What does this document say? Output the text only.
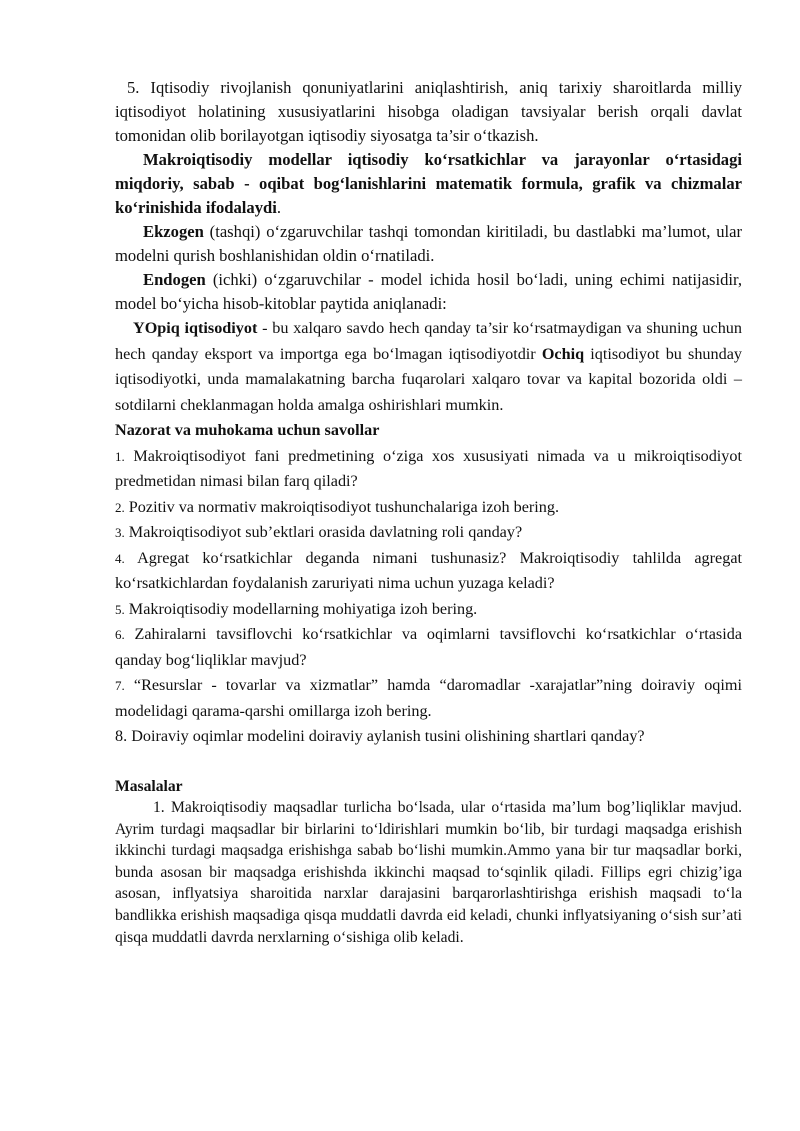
5. Iqtisodiy rivojlanish qonuniyatlarini aniqlashtirish, aniq tarixiy sharoitlarda milliy iqtisodiyot holatining xususiyatlarini hisobga oladigan tavsiyalar berish orqali davlat tomonidan olib borilayotgan iqtisodiy siyosatga ta’sir o‘tkazish.

Makroiqtisodiy modellar iqtisodiy ko‘rsatkichlar va jarayonlar o‘rtasidagi miqdoriy, sabab - oqibat bog‘lanishlarini matematik formula, grafik va chizmalar ko‘rinishida ifodalaydi.

Ekzogen (tashqi) o‘zgaruvchilar tashqi tomondan kiritiladi, bu dastlabki ma’lumot, ular modelni qurish boshlanishidan oldin o‘rnatiladi.

Endogen (ichki) o‘zgaruvchilar - model ichida hosil bo‘ladi, uning echimi natijasidir, model bo‘yicha hisob-kitoblar paytida aniqlanadi:

YOpiq iqtisodiyot - bu xalqaro savdo hech qanday ta’sir ko‘rsatmaydigan va shuning uchun hech qanday eksport va importga ega bo‘lmagan iqtisodiyotdir Ochiq iqtisodiyot bu shunday iqtisodiyotki, unda mamalakatning barcha fuqarolari xalqaro tovar va kapital bozorida oldi – sotdilarni cheklanmagan holda amalga oshirishlari mumkin.

Nazorat va muhokama uchun savollar

1. Makroiqtisodiyot fani predmetining o‘ziga xos xususiyati nimada va u mikroiqtisodiyot predmetidan nimasi bilan farq qiladi?

2. Pozitiv va normativ makroiqtisodiyot tushunchalariga izoh bering.

3. Makroiqtisodiyot sub’ektlari orasida davlatning roli qanday?

4. Agregat ko‘rsatkichlar deganda nimani tushunasiz? Makroiqtisodiy tahlilda agregat ko‘rsatkichlardan foydalanish zaruriyati nima uchun yuzaga keladi?

5. Makroiqtisodiy modellarning mohiyatiga izoh bering.

6. Zahiralarni tavsiflovchi ko‘rsatkichlar va oqimlarni tavsiflovchi ko‘rsatkichlar o‘rtasida qanday bog‘liqliklar mavjud?

7. “Resurslar - tovarlar va xizmatlar” hamda “daromadlar -xarajatlar”ning doiraviy oqimi modelidagi qarama-qarshi omillarga izoh bering.

8. Doiraviy oqimlar modelini doiraviy aylanish tusini olishining shartlari qanday?

Masalalar

1. Makroiqtisodiy maqsadlar turlicha bo‘lsada, ular o‘rtasida ma’lum bog’liqliklar mavjud. Ayrim turdagi maqsadlar bir birlarini to‘ldirishlari mumkin bo‘lib, bir turdagi maqsadga erishish ikkinchi turdagi maqsadga erishishga sabab bo‘lishi mumkin.Ammo yana bir tur maqsadlar borki, bunda asosan bir maqsadga erishishda ikkinchi maqsad to‘sqinlik qiladi. Fillips egri chizig’iga asosan, inflyatsiya sharoitida narxlar darajasini barqarorlashtirishga erishish maqsadi to‘la bandlikka erishish maqsadiga qisqa muddatli davrda eid keladi, chunki inflyatsiyaning o‘sish sur’ati qisqa muddatli davrda nerxlarning o‘sishiga olib keladi.
